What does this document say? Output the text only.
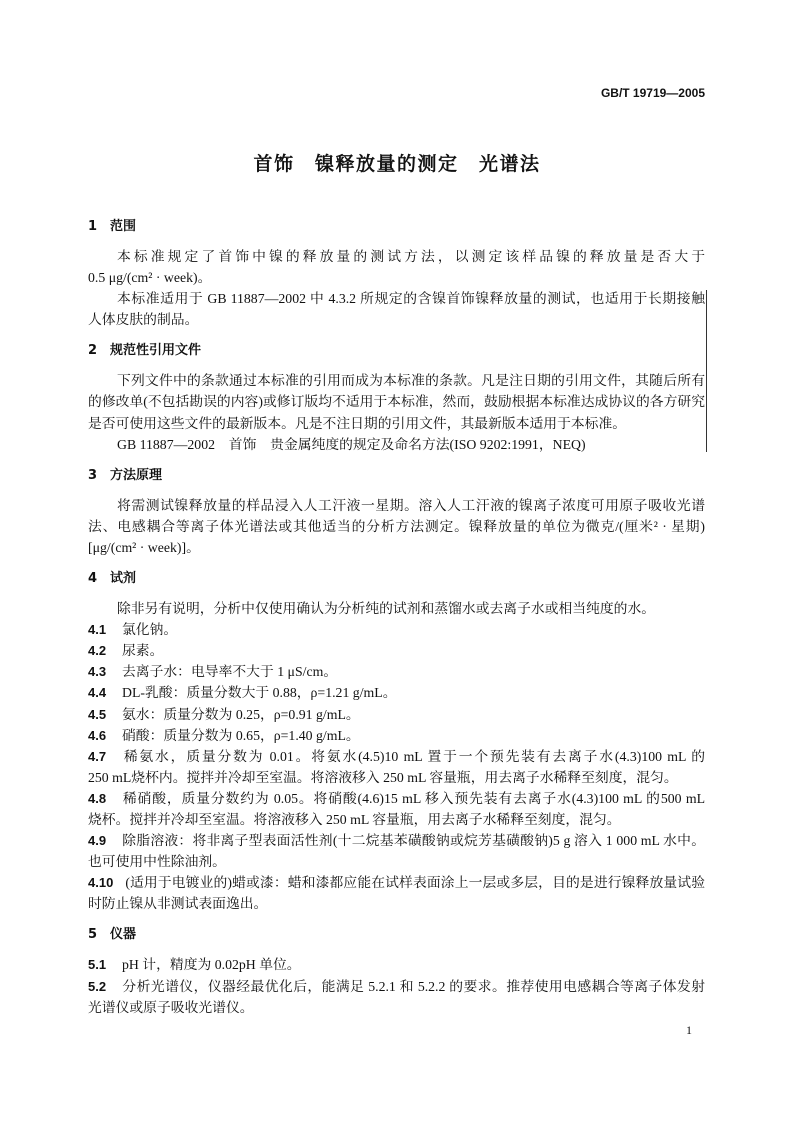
GB/T 19719—2005
首饰　镍释放量的测定　光谱法
1 范围
本标准规定了首饰中镍的释放量的测试方法，以测定该样品镍的释放量是否大于
0.5 μg/(cm² · week)。
本标准适用于 GB 11887—2002 中 4.3.2 所规定的含镍首饰镍释放量的测试，也适用于长期接触
人体皮肤的制品。
2 规范性引用文件
下列文件中的条款通过本标准的引用而成为本标准的条款。凡是注日期的引用文件，其随后所有
的修改单(不包括勘误的内容)或修订版均不适用于本标准，然而，鼓励根据本标准达成协议的各方研究
是否可使用这些文件的最新版本。凡是不注日期的引用文件，其最新版本适用于本标准。
GB 11887—2002　首饰　贵金属纯度的规定及命名方法(ISO 9202:1991，NEQ)
3 方法原理
将需测试镍释放量的样品浸入人工汗液一星期。溶入人工汗液的镍离子浓度可用原子吸收光谱
法、电感耦合等离子体光谱法或其他适当的分析方法测定。镍释放量的单位为微克/(厘米² · 星期)
[μg/(cm² · week)]。
4 试剂
除非另有说明，分析中仅使用确认为分析纯的试剂和蒸馏水或去离子水或相当纯度的水。
4.1 氯化钠。
4.2 尿素。
4.3 去离子水：电导率不大于 1 μS/cm。
4.4 DL-乳酸：质量分数大于 0.88，ρ=1.21 g/mL。
4.5 氨水：质量分数为 0.25，ρ=0.91 g/mL。
4.6 硝酸：质量分数为 0.65，ρ=1.40 g/mL。
4.7 稀氨水，质量分数为 0.01。将氨水(4.5)10 mL 置于一个预先装有去离子水(4.3)100 mL 的
250 mL烧杯内。搅拌并冷却至室温。将溶液移入 250 mL 容量瓶，用去离子水稀释至刻度，混匀。
4.8 稀硝酸，质量分数约为 0.05。将硝酸(4.6)15 mL 移入预先装有去离子水(4.3)100 mL 的500 mL
烧杯。搅拌并冷却至室温。将溶液移入 250 mL 容量瓶，用去离子水稀释至刻度，混匀。
4.9 除脂溶液：将非离子型表面活性剂(十二烷基苯磺酸钠或烷芳基磺酸钠)5 g 溶入 1 000 mL 水中。
也可使用中性除油剂。
4.10 (适用于电镀业的)蜡或漆：蜡和漆都应能在试样表面涂上一层或多层，目的是进行镍释放量试验
时防止镍从非测试表面逸出。
5 仪器
5.1 pH 计，精度为 0.02pH 单位。
5.2 分析光谱仪，仪器经最优化后，能满足 5.2.1 和 5.2.2 的要求。推荐使用电感耦合等离子体发射
光谱仪或原子吸收光谱仪。
1
